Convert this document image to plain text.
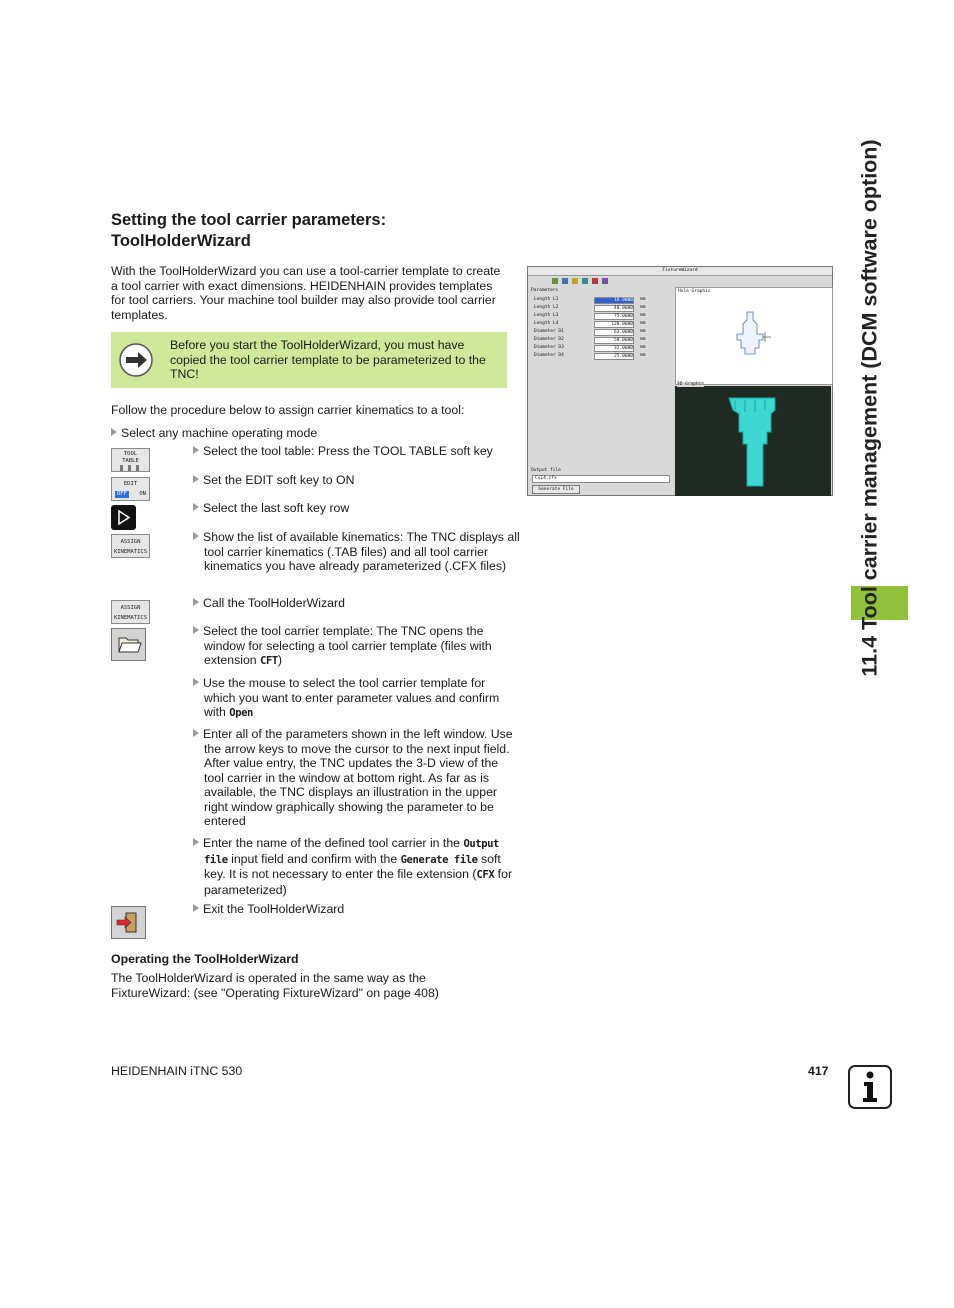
Setting the tool carrier parameters:
ToolHolderWizard
With the ToolHolderWizard you can use a tool-carrier template to create a tool carrier with exact dimensions. HEIDENHAIN provides templates for tool carriers. Your machine tool builder may also provide tool carrier templates.
Before you start the ToolHolderWizard, you must have copied the tool carrier template to be parameterized to the TNC!
Follow the procedure below to assign carrier kinematics to a tool:
Select any machine operating mode
TOOL
TABLE
EDIT
OFF	ON
ASSIGN
KINEMATICS
ASSIGN
KINEMATICS
Select the tool table: Press the TOOL TABLE soft key
Set the EDIT soft key to ON
Select the last soft key row
Show the list of available kinematics: The TNC displays all tool carrier kinematics (.TAB files) and all tool carrier kinematics you have already parameterized (.CFX files)
Call the ToolHolderWizard
Select the tool carrier template: The TNC opens the window for selecting a tool carrier template (files with extension CFT)
Use the mouse to select the tool carrier template for which you want to enter parameter values and confirm with Open
Enter all of the parameters shown in the left window. Use the arrow keys to move the cursor to the next input field. After value entry, the TNC updates the 3-D view of the tool carrier in the window at bottom right. As far as is available, the TNC displays an illustration in the upper right window graphically showing the parameter to be entered
Enter the name of the defined tool carrier in the Output file input field and confirm with the Generate file soft key. It is not necessary to enter the file extension (CFX for parameterized)
Exit the ToolHolderWizard
Operating the ToolHolderWizard
The ToolHolderWizard is operated in the same way as the FixtureWizard: (see "Operating FixtureWizard" on page 408)
HEIDENHAIN iTNC 530	417
11.4 Tool carrier management (DCM software option)
FixtureWizard
Parameters
Length L1	10.0000 mm
Length L2	40.0000 mm
Length L3	75.0000 mm
Length L4	120.0000 mm
Diameter D1	63.0000 mm
Diameter D2	50.0000 mm
Diameter D3	32.0000 mm
Diameter D4	25.0000 mm
Output file
Cv14.cfx
Generate File
Hole Graphic
3D Graphic
